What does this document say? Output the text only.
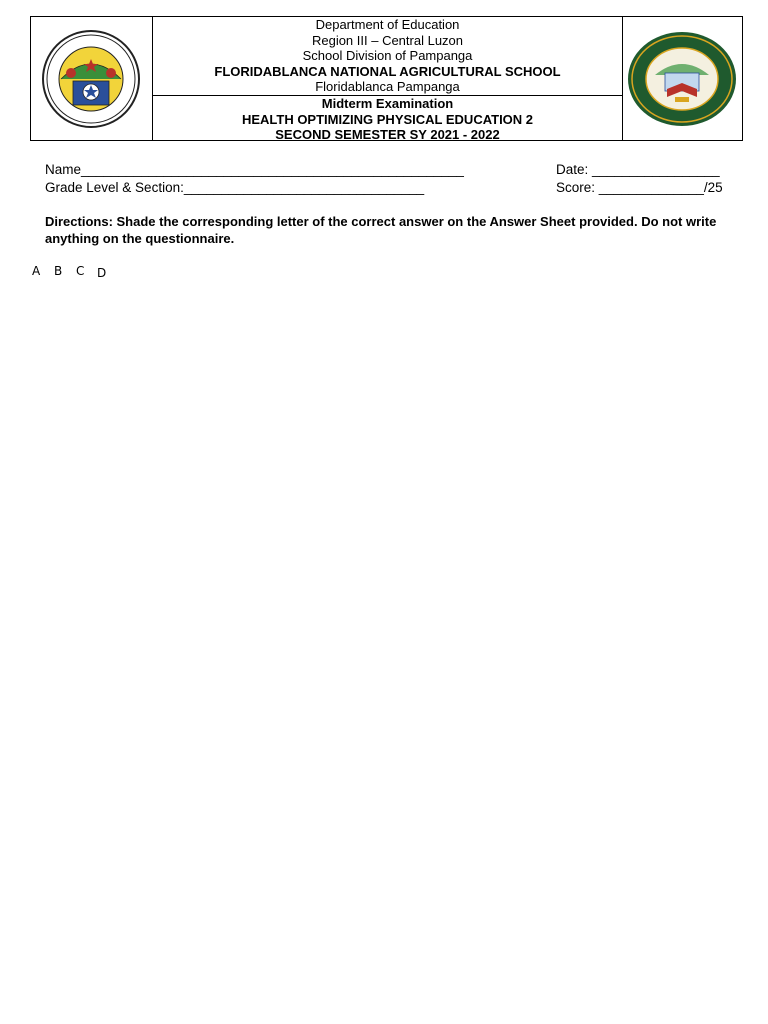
Department of Education

Region III – Central Luzon

School Division of Pampanga

FLORIDABLANCA NATIONAL AGRICULTURAL SCHOOL

Floridablanca Pampanga

Midterm Examination

HEALTH OPTIMIZING PHYSICAL EDUCATION 2

SECOND SEMESTER SY 2021 - 2022

Name___________________________________________________
Grade Level & Section:________________________________
Date: _________________
Score: ______________/25
Directions: Shade the corresponding letter of the correct answer on the Answer Sheet provided. Do not write anything on the questionnaire.
A B C D
